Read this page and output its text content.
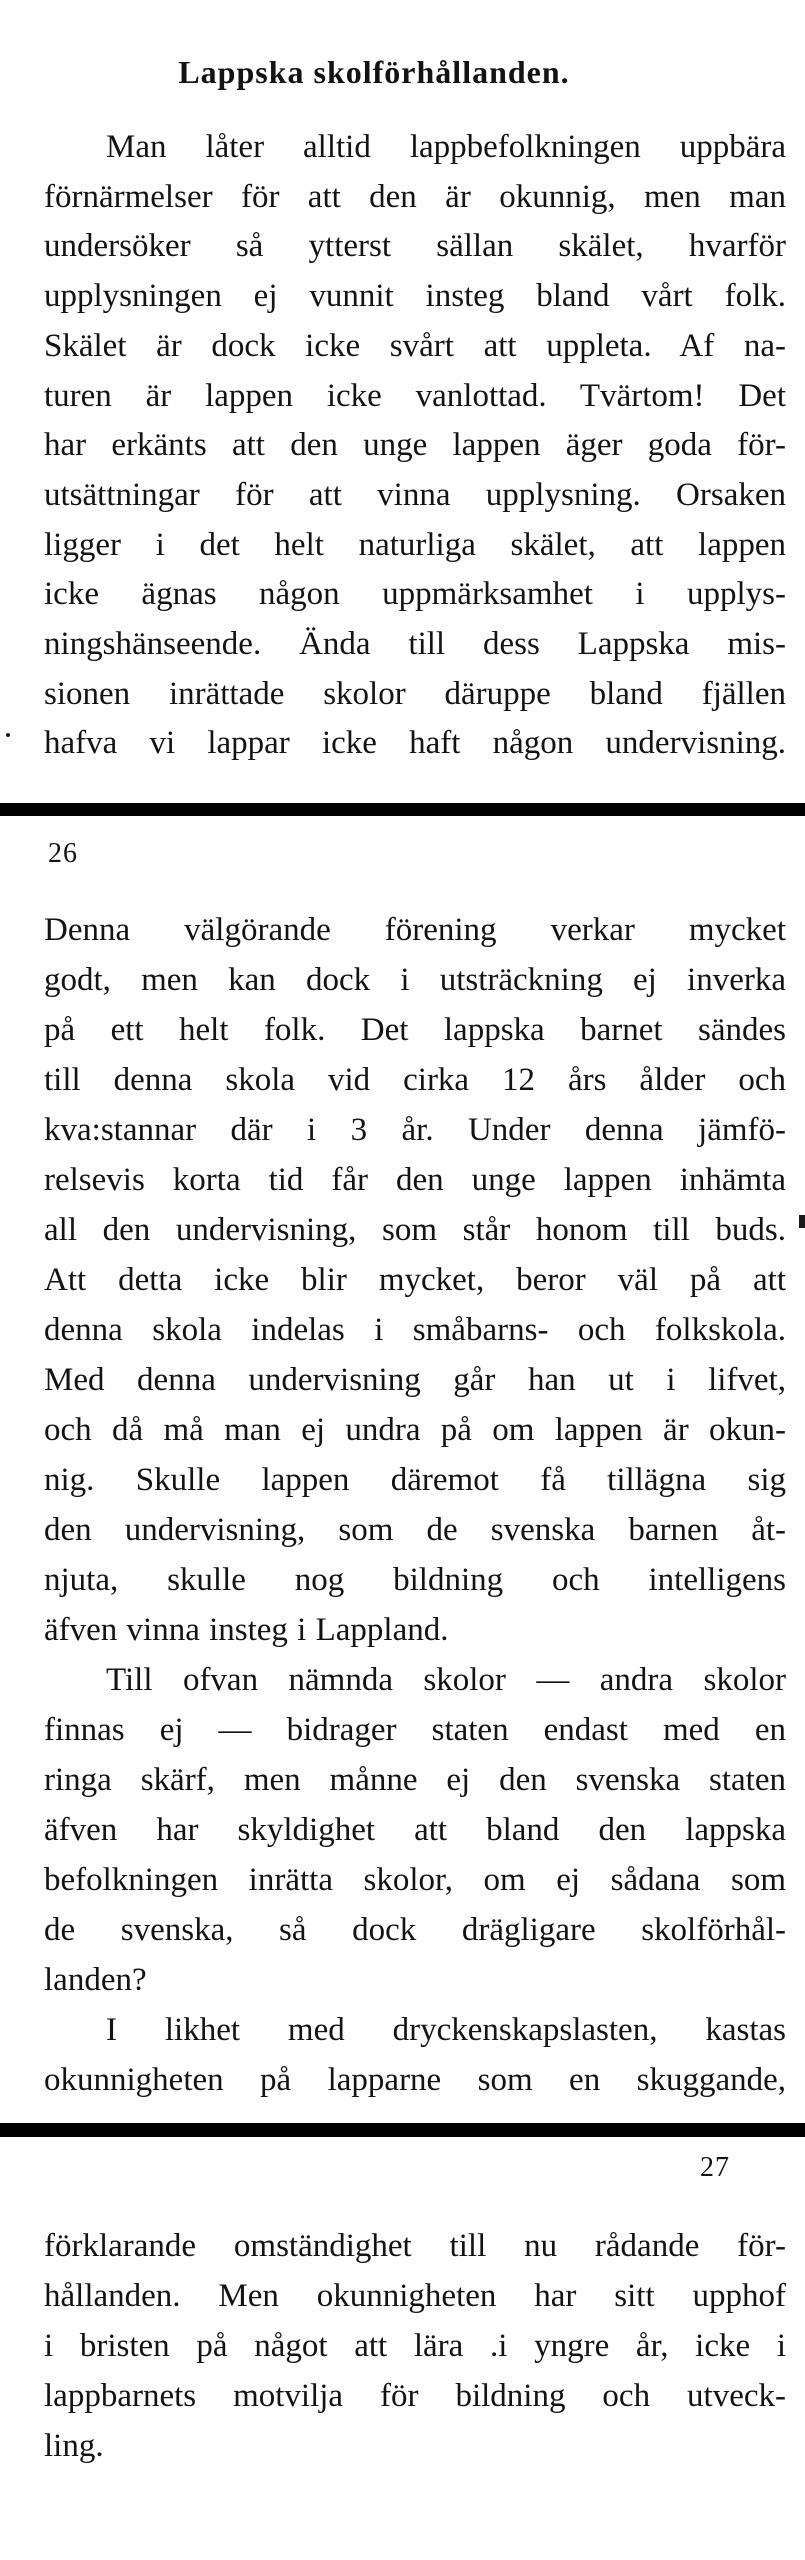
Lappska skolförhållanden.
Man låter alltid lappbefolkningen uppbära
förnärmelser för att den är okunnig, men man
undersöker så ytterst sällan skälet, hvarför
upplysningen ej vunnit insteg bland vårt folk.
Skälet är dock icke svårt att uppleta. Af na-
turen är lappen icke vanlottad. Tvärtom! Det
har erkänts att den unge lappen äger goda för-
utsättningar för att vinna upplysning. Orsaken
ligger i det helt naturliga skälet, att lappen
icke ägnas någon uppmärksamhet i upplys-
ningshänseende. Ända till dess Lappska mis-
sionen inrättade skolor däruppe bland fjällen
hafva vi lappar icke haft någon undervisning.
26
Denna välgörande förening verkar mycket
godt, men kan dock i utsträckning ej inverka
på ett helt folk. Det lappska barnet sändes
till denna skola vid cirka 12 års ålder och
kva:stannar där i 3 år. Under denna jämfö-
relsevis korta tid får den unge lappen inhämta
all den undervisning, som står honom till buds.
Att detta icke blir mycket, beror väl på att
denna skola indelas i småbarns- och folkskola.
Med denna undervisning går han ut i lifvet,
och då må man ej undra på om lappen är okun-
nig. Skulle lappen däremot få tillägna sig
den undervisning, som de svenska barnen åt-
njuta, skulle nog bildning och intelligens
äfven vinna insteg i Lappland.
Till ofvan nämnda skolor — andra skolor
finnas ej — bidrager staten endast med en
ringa skärf, men månne ej den svenska staten
äfven har skyldighet att bland den lappska
befolkningen inrätta skolor, om ej sådana som
de svenska, så dock drägligare skolförhål-
landen?
I likhet med dryckenskapslasten, kastas
okunnigheten på lapparne som en skuggande,
27
förklarande omständighet till nu rådande för-
hållanden. Men okunnigheten har sitt upphof
i bristen på något att lära .i yngre år, icke i
lappbarnets motvilja för bildning och utveck-
ling.
